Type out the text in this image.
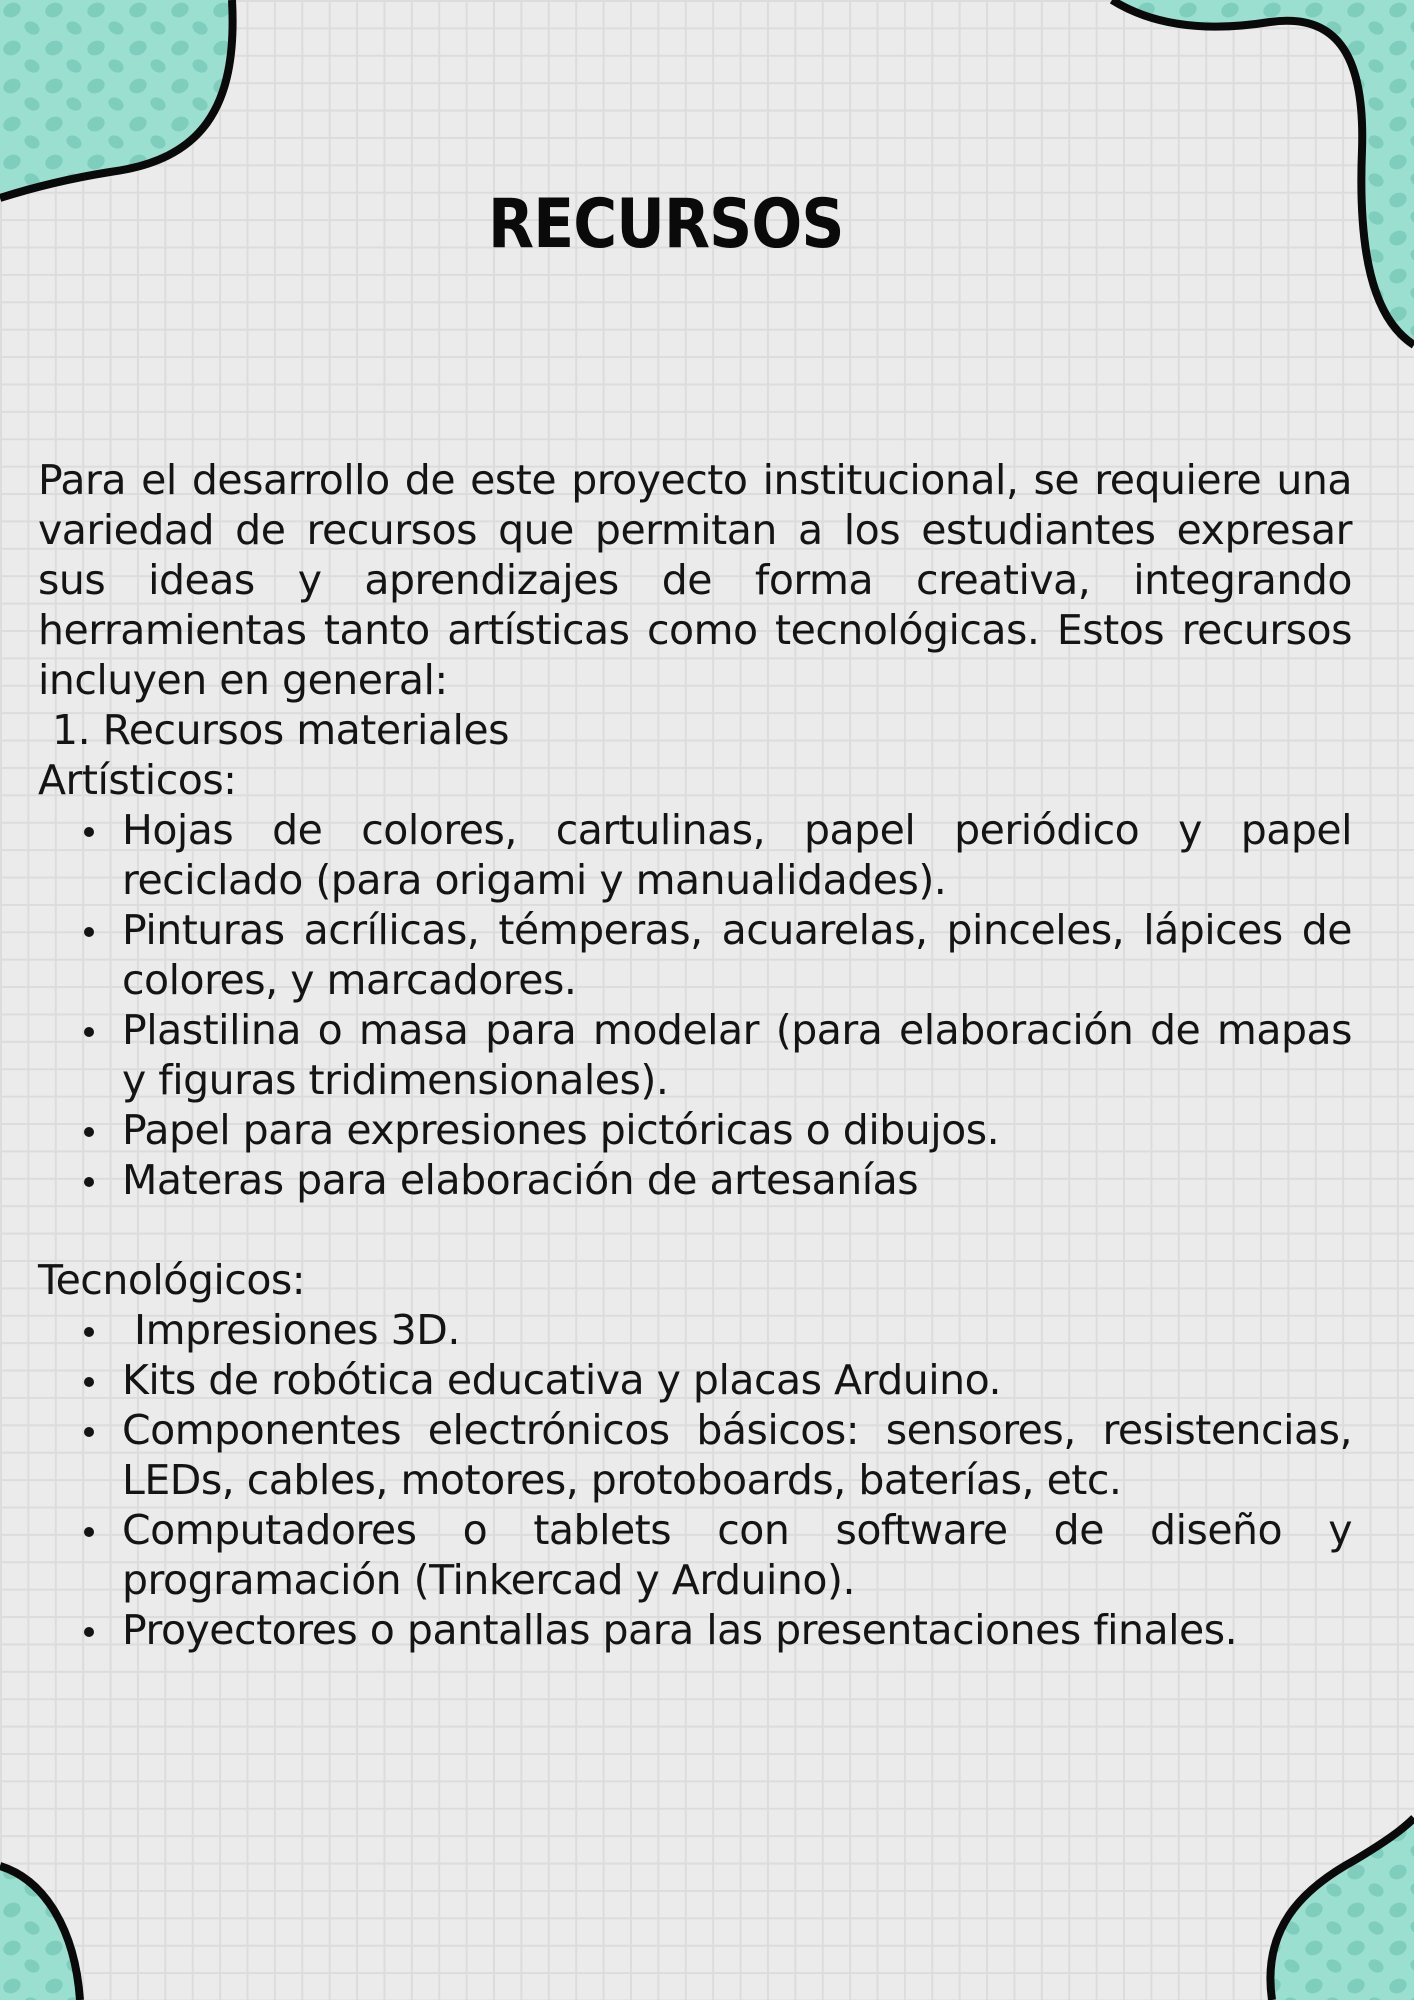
RECURSOS

Para el desarrollo de este proyecto institucional, se requiere una variedad de recursos que permitan a los estudiantes expresar sus ideas y aprendizajes de forma creativa, integrando herramientas tanto artísticas como tecnológicas. Estos recursos incluyen en general:

1. Recursos materiales

Artísticos:

Hojas de colores, cartulinas, papel periódico y papel reciclado (para origami y manualidades).
Pinturas acrílicas, témperas, acuarelas, pinceles, lápices de colores, y marcadores.
Plastilina o masa para modelar (para elaboración de mapas y figuras tridimensionales).
Papel para expresiones pictóricas o dibujos.
Materas para elaboración de artesanías

Tecnológicos:

Impresiones 3D.
Kits de robótica educativa y placas Arduino.
Componentes electrónicos básicos: sensores, resistencias, LEDs, cables, motores, protoboards, baterías, etc.
Computadores o tablets con software de diseño y programación (Tinkercad y Arduino).
Proyectores o pantallas para las presentaciones finales.
